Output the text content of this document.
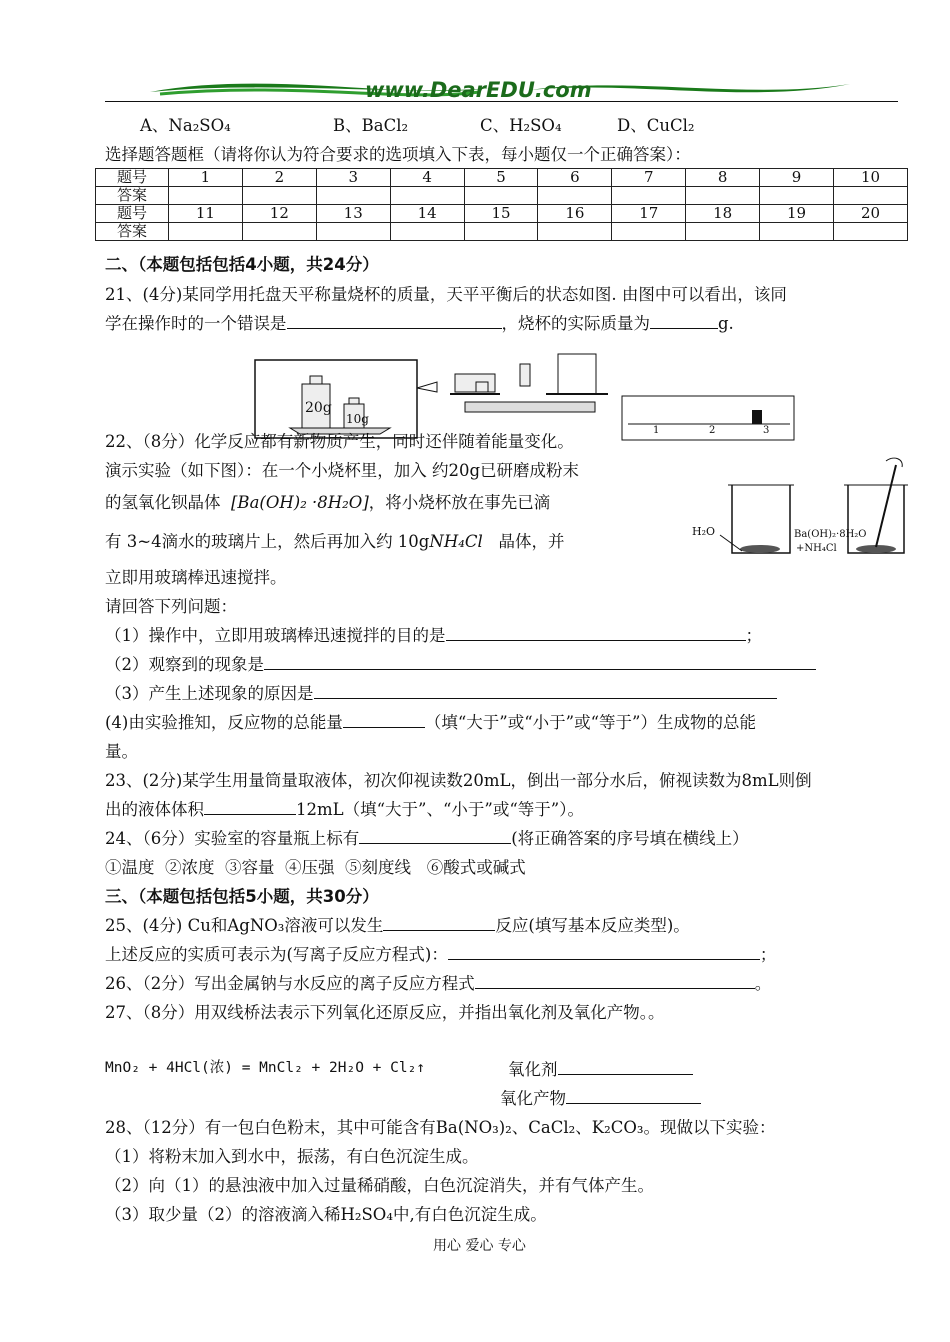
www.DearEDU.com
A、Na₂SO₄	B、BaCl₂	C、H₂SO₄	D、CuCl₂
选择题答题框（请将你认为符合要求的选项填入下表，每小题仅一个正确答案）：
题号	1	2	3	4	5	6	7	8	9	10
答案										
题号	11	12	13	14	15	16	17	18	19	20
答案										
二、（本题包括包括4小题，共24分）
21、(4分)某同学用托盘天平称量烧杯的质量，天平平衡后的状态如图. 由图中可以看出，该同
学在操作时的一个错误是	，烧杯的实际质量为	g.
20g
10g
1	2	3
22、（8分）化学反应都有新物质产生，同时还伴随着能量变化。
演示实验（如下图）：在一个小烧杯里，加入 约20g已研磨成粉末
的氢氧化钡晶体 [Ba(OH)₂ ·8H₂O]，将小烧杯放在事先已滴
有 3~4滴水的玻璃片上，然后再加入约 10gNH₄Cl 晶体，并
立即用玻璃棒迅速搅拌。
H₂O	Ba(OH)₂·8H₂O
+NH₄Cl
请回答下列问题：
（1）操作中，立即用玻璃棒迅速搅拌的目的是	；
（2）观察到的现象是
（3）产生上述现象的原因是
(4)由实验推知，反应物的总能量	（填“大于”或“小于”或“等于”）生成物的总能
量。
23、(2分)某学生用量筒量取液体，初次仰视读数20mL，倒出一部分水后，俯视读数为8mL则倒
出的液体体积	12mL（填“大于”、“小于”或“等于”）。
24、（6分）实验室的容量瓶上标有	(将正确答案的序号填在横线上）
①温度  ②浓度  ③容量  ④压强  ⑤刻度线   ⑥酸式或碱式
三、（本题包括包括5小题，共30分）
25、(4分) Cu和AgNO₃溶液可以发生	反应(填写基本反应类型)。
上述反应的实质可表示为(写离子反应方程式)：	；
26、（2分）写出金属钠与水反应的离子反应方程式	。
27、（8分）用双线桥法表示下列氧化还原反应，并指出氧化剂及氧化产物。。
MnO₂ + 4HCl(浓) = MnCl₂ + 2H₂O + Cl₂↑	氧化剂
氧化产物
28、（12分）有一包白色粉末，其中可能含有Ba(NO₃)₂、CaCl₂、K₂CO₃。现做以下实验：
（1）将粉末加入到水中，振荡，有白色沉淀生成。
（2）向（1）的悬浊液中加入过量稀硝酸，白色沉淀消失，并有气体产生。
（3）取少量（2）的溶液滴入稀H₂SO₄中,有白色沉淀生成。
用心 爱心 专心
